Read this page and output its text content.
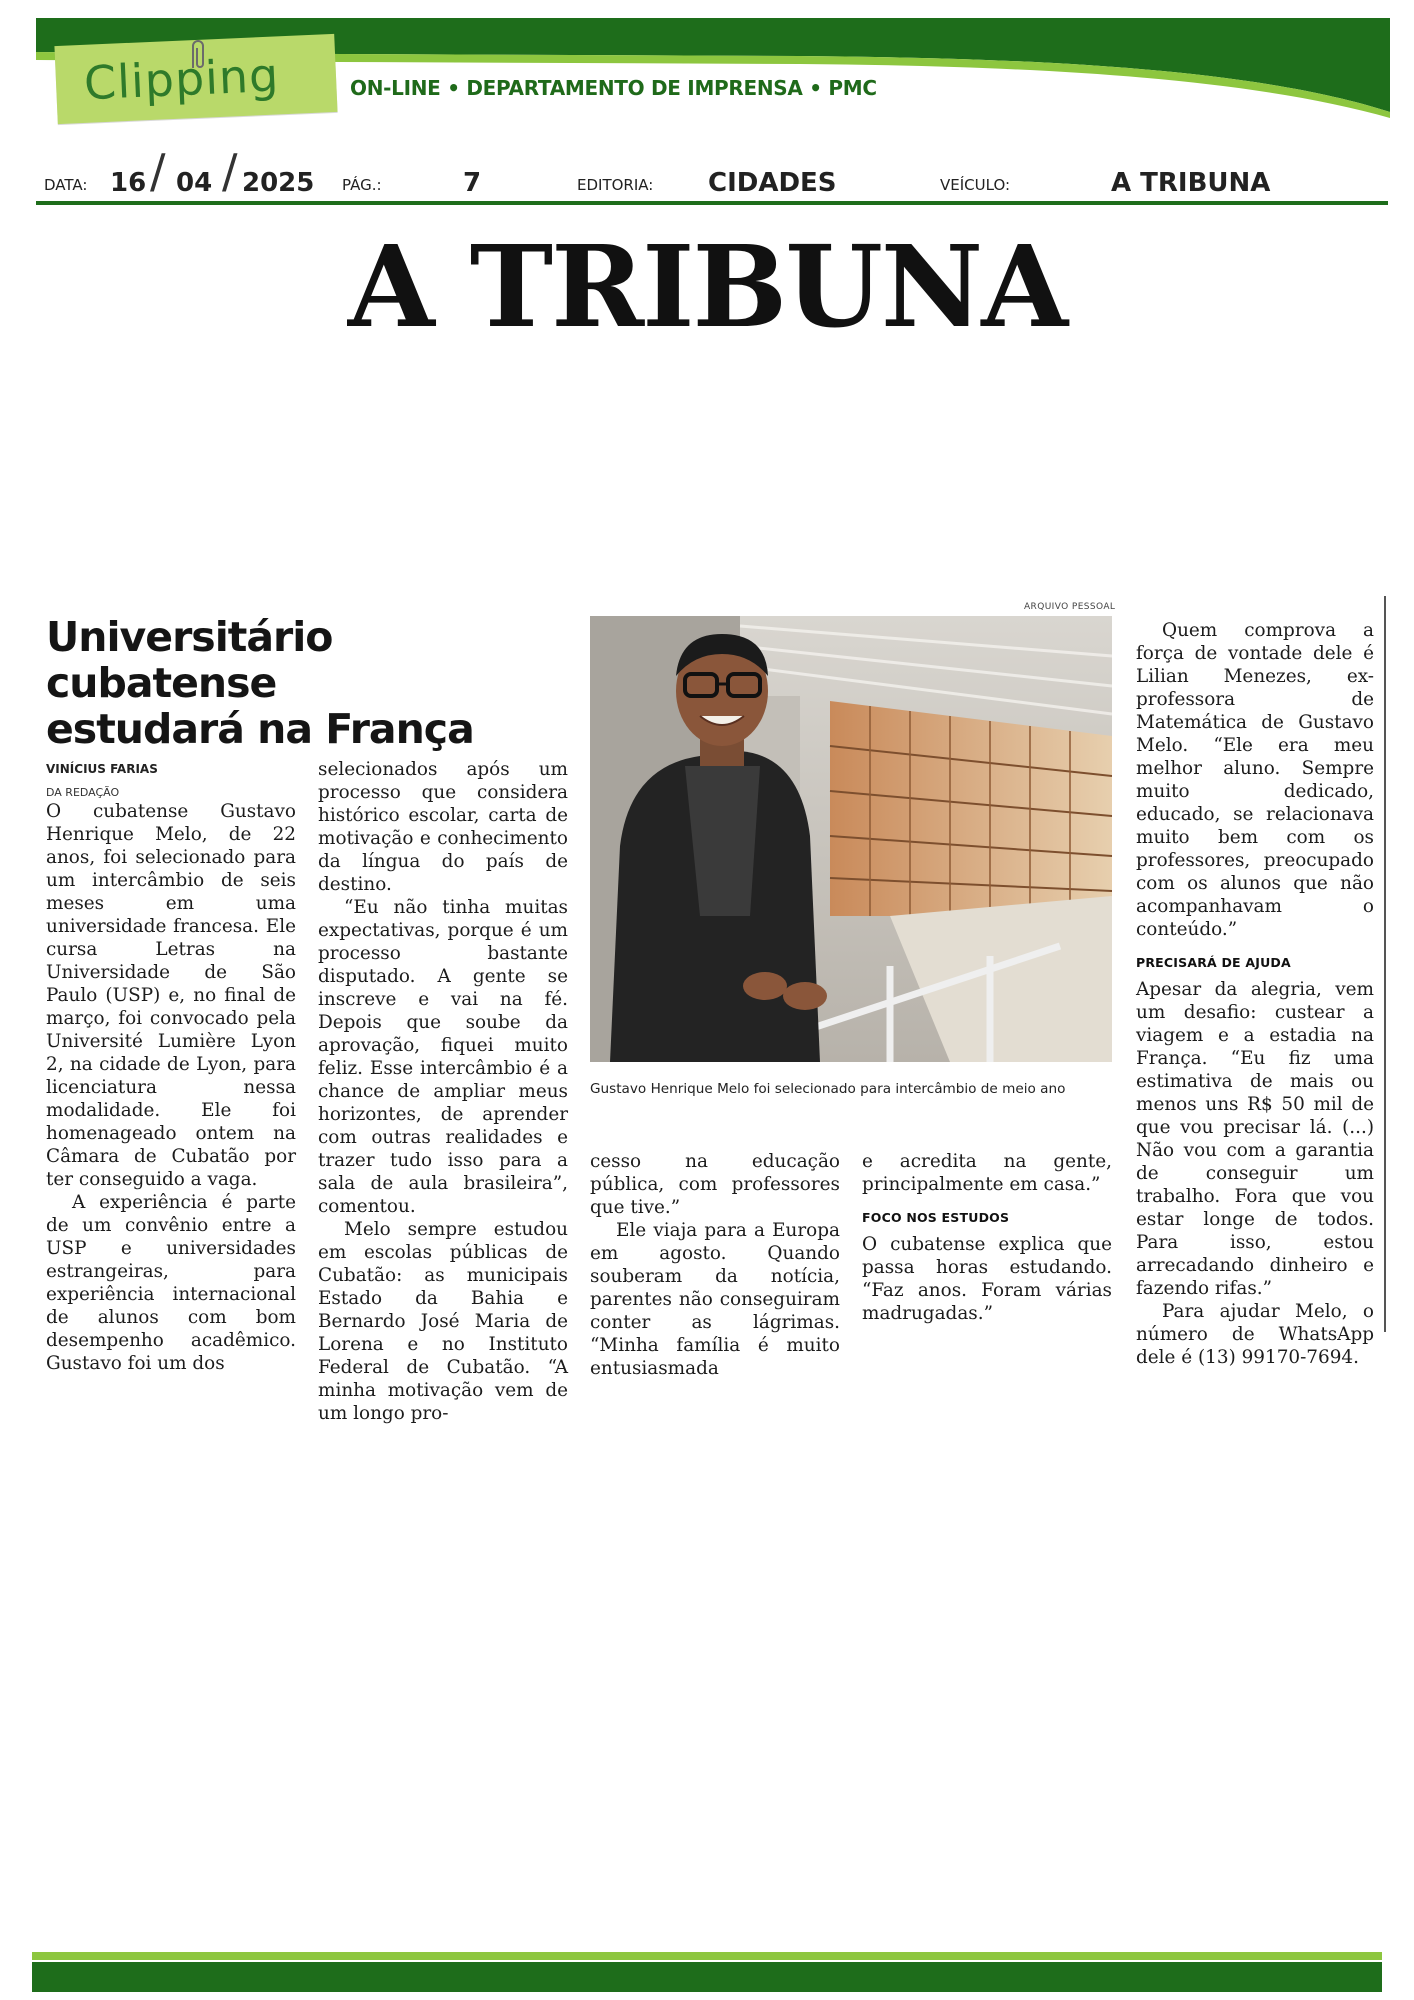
Clipping	ON-LINE • DEPARTAMENTO DE IMPRENSA • PMC
DATA: 16 / 04 / 2025 PÁG.:	7	EDITORIA: CIDADES	VEÍCULO:	A TRIBUNA
A TRIBUNA
Universitário cubatense
estudará na França
VINÍCIUS FARIAS
DA REDAÇÃO

O cubatense Gustavo Henrique Melo, de 22 anos, foi selecionado para um intercâmbio de seis meses em uma universidade francesa. Ele cursa Letras na Universidade de São Paulo (USP) e, no final de março, foi convocado pela Université Lumière Lyon 2, na cidade de Lyon, para licenciatura nessa modalidade. Ele foi homenageado ontem na Câmara de Cubatão por ter conseguido a vaga.

A experiência é parte de um convênio entre a USP e universidades estrangeiras, para experiência internacional de alunos com bom desempenho acadêmico. Gustavo foi um dos

selecionados após um processo que considera histórico escolar, carta de motivação e conhecimento da língua do país de destino.

“Eu não tinha muitas expectativas, porque é um processo bastante disputado. A gente se inscreve e vai na fé. Depois que soube da aprovação, fiquei muito feliz. Esse intercâmbio é a chance de ampliar meus horizontes, de aprender com outras realidades e trazer tudo isso para a sala de aula brasileira”, comentou.

Melo sempre estudou em escolas públicas de Cubatão: as municipais Estado da Bahia e Bernardo José Maria de Lorena e no Instituto Federal de Cubatão. “A minha motivação vem de um longo pro-

ARQUIVO PESSOAL
Gustavo Henrique Melo foi selecionado para intercâmbio de meio ano

cesso na educação pública, com professores que tive.”

Ele viaja para a Europa em agosto. Quando souberam da notícia, parentes não conseguiram conter as lágrimas. “Minha família é muito entusiasmada

e acredita na gente, principalmente em casa.”

FOCO NOS ESTUDOS

O cubatense explica que passa horas estudando. “Faz anos. Foram várias madrugadas.”

Quem comprova a força de vontade dele é Lilian Menezes, ex-professora de Matemática de Gustavo Melo. “Ele era meu melhor aluno. Sempre muito dedicado, educado, se relacionava muito bem com os professores, preocupado com os alunos que não acompanhavam o conteúdo.”

PRECISARÁ DE AJUDA

Apesar da alegria, vem um desafio: custear a viagem e a estadia na França. “Eu fiz uma estimativa de mais ou menos uns R$ 50 mil de que vou precisar lá. (...) Não vou com a garantia de conseguir um trabalho. Fora que vou estar longe de todos. Para isso, estou arrecadando dinheiro e fazendo rifas.”

Para ajudar Melo, o número de WhatsApp dele é (13) 99170-7694.
